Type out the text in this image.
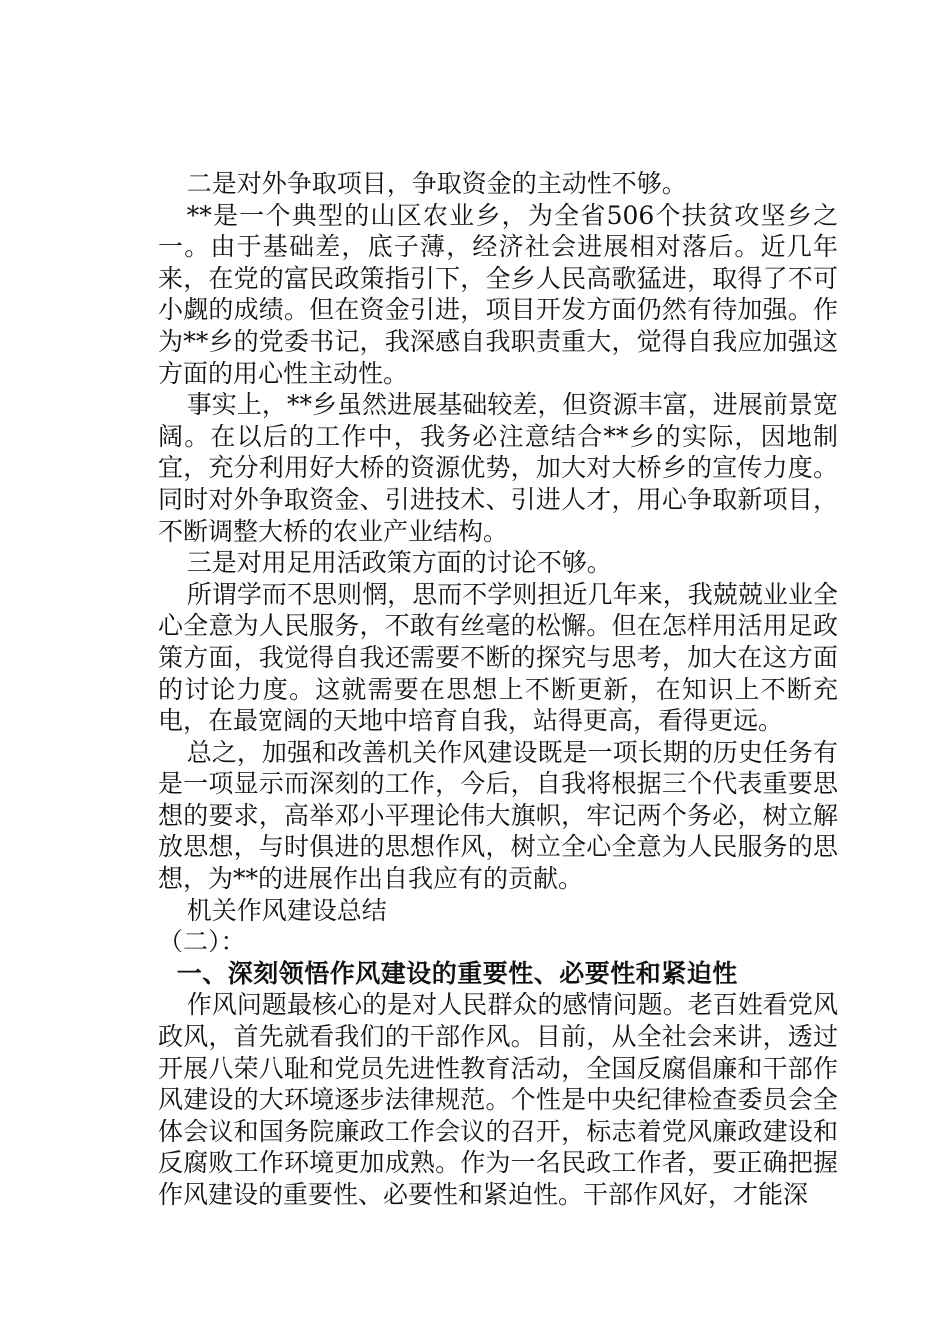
二是对外争取项目，争取资金的主动性不够。

**是一个典型的山区农业乡，为全省506个扶贫攻坚乡之一。由于基础差，底子薄，经济社会进展相对落后。近几年来，在党的富民政策指引下，全乡人民高歌猛进，取得了不可小觑的成绩。但在资金引进，项目开发方面仍然有待加强。作为**乡的党委书记，我深感自我职责重大，觉得自我应加强这方面的用心性主动性。

事实上，**乡虽然进展基础较差，但资源丰富，进展前景宽阔。在以后的工作中，我务必注意结合**乡的实际，因地制宜，充分利用好大桥的资源优势，加大对大桥乡的宣传力度。同时对外争取资金、引进技术、引进人才，用心争取新项目，不断调整大桥的农业产业结构。

三是对用足用活政策方面的讨论不够。

所谓学而不思则惘，思而不学则担近几年来，我兢兢业业全心全意为人民服务，不敢有丝毫的松懈。但在怎样用活用足政策方面，我觉得自我还需要不断的探究与思考，加大在这方面的讨论力度。这就需要在思想上不断更新，在知识上不断充电，在最宽阔的天地中培育自我，站得更高，看得更远。

总之，加强和改善机关作风建设既是一项长期的历史任务有是一项显示而深刻的工作，今后，自我将根据三个代表重要思想的要求，高举邓小平理论伟大旗帜，牢记两个务必，树立解放思想，与时俱进的思想作风，树立全心全意为人民服务的思想，为**的进展作出自我应有的贡献。

机关作风建设总结

（二）：

一、深刻领悟作风建设的重要性、必要性和紧迫性

作风问题最核心的是对人民群众的感情问题。老百姓看党风政风，首先就看我们的干部作风。目前，从全社会来讲，透过开展八荣八耻和党员先进性教育活动，全国反腐倡廉和干部作风建设的大环境逐步法律规范。个性是中央纪律检查委员会全体会议和国务院廉政工作会议的召开，标志着党风廉政建设和反腐败工作环境更加成熟。作为一名民政工作者，要正确把握作风建设的重要性、必要性和紧迫性。干部作风好，才能深
